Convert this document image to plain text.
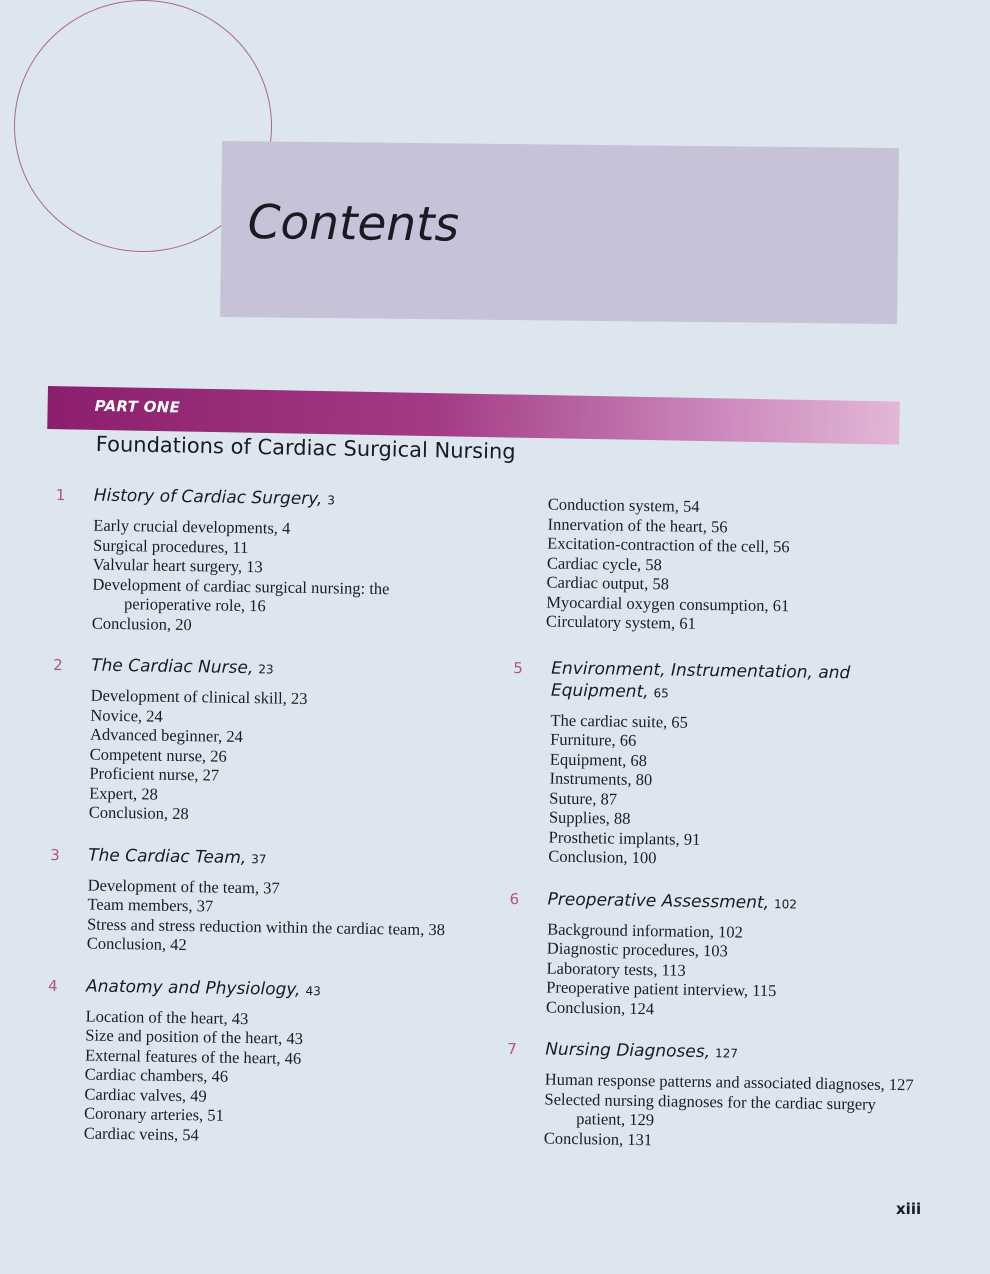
Contents
PART ONE
Foundations of Cardiac Surgical Nursing
1	History of Cardiac Surgery, 3
Early crucial developments, 4
Surgical procedures, 11
Valvular heart surgery, 13
Development of cardiac surgical nursing: the perioperative role, 16
Conclusion, 20
2	The Cardiac Nurse, 23
Development of clinical skill, 23
Novice, 24
Advanced beginner, 24
Competent nurse, 26
Proficient nurse, 27
Expert, 28
Conclusion, 28
3	The Cardiac Team, 37
Development of the team, 37
Team members, 37
Stress and stress reduction within the cardiac team, 38
Conclusion, 42
4	Anatomy and Physiology, 43
Location of the heart, 43
Size and position of the heart, 43
External features of the heart, 46
Cardiac chambers, 46
Cardiac valves, 49
Coronary arteries, 51
Cardiac veins, 54
Conduction system, 54
Innervation of the heart, 56
Excitation-contraction of the cell, 56
Cardiac cycle, 58
Cardiac output, 58
Myocardial oxygen consumption, 61
Circulatory system, 61
5	Environment, Instrumentation, and Equipment, 65
The cardiac suite, 65
Furniture, 66
Equipment, 68
Instruments, 80
Suture, 87
Supplies, 88
Prosthetic implants, 91
Conclusion, 100
6	Preoperative Assessment, 102
Background information, 102
Diagnostic procedures, 103
Laboratory tests, 113
Preoperative patient interview, 115
Conclusion, 124
7	Nursing Diagnoses, 127
Human response patterns and associated diagnoses, 127
Selected nursing diagnoses for the cardiac surgery patient, 129
Conclusion, 131
xiii
